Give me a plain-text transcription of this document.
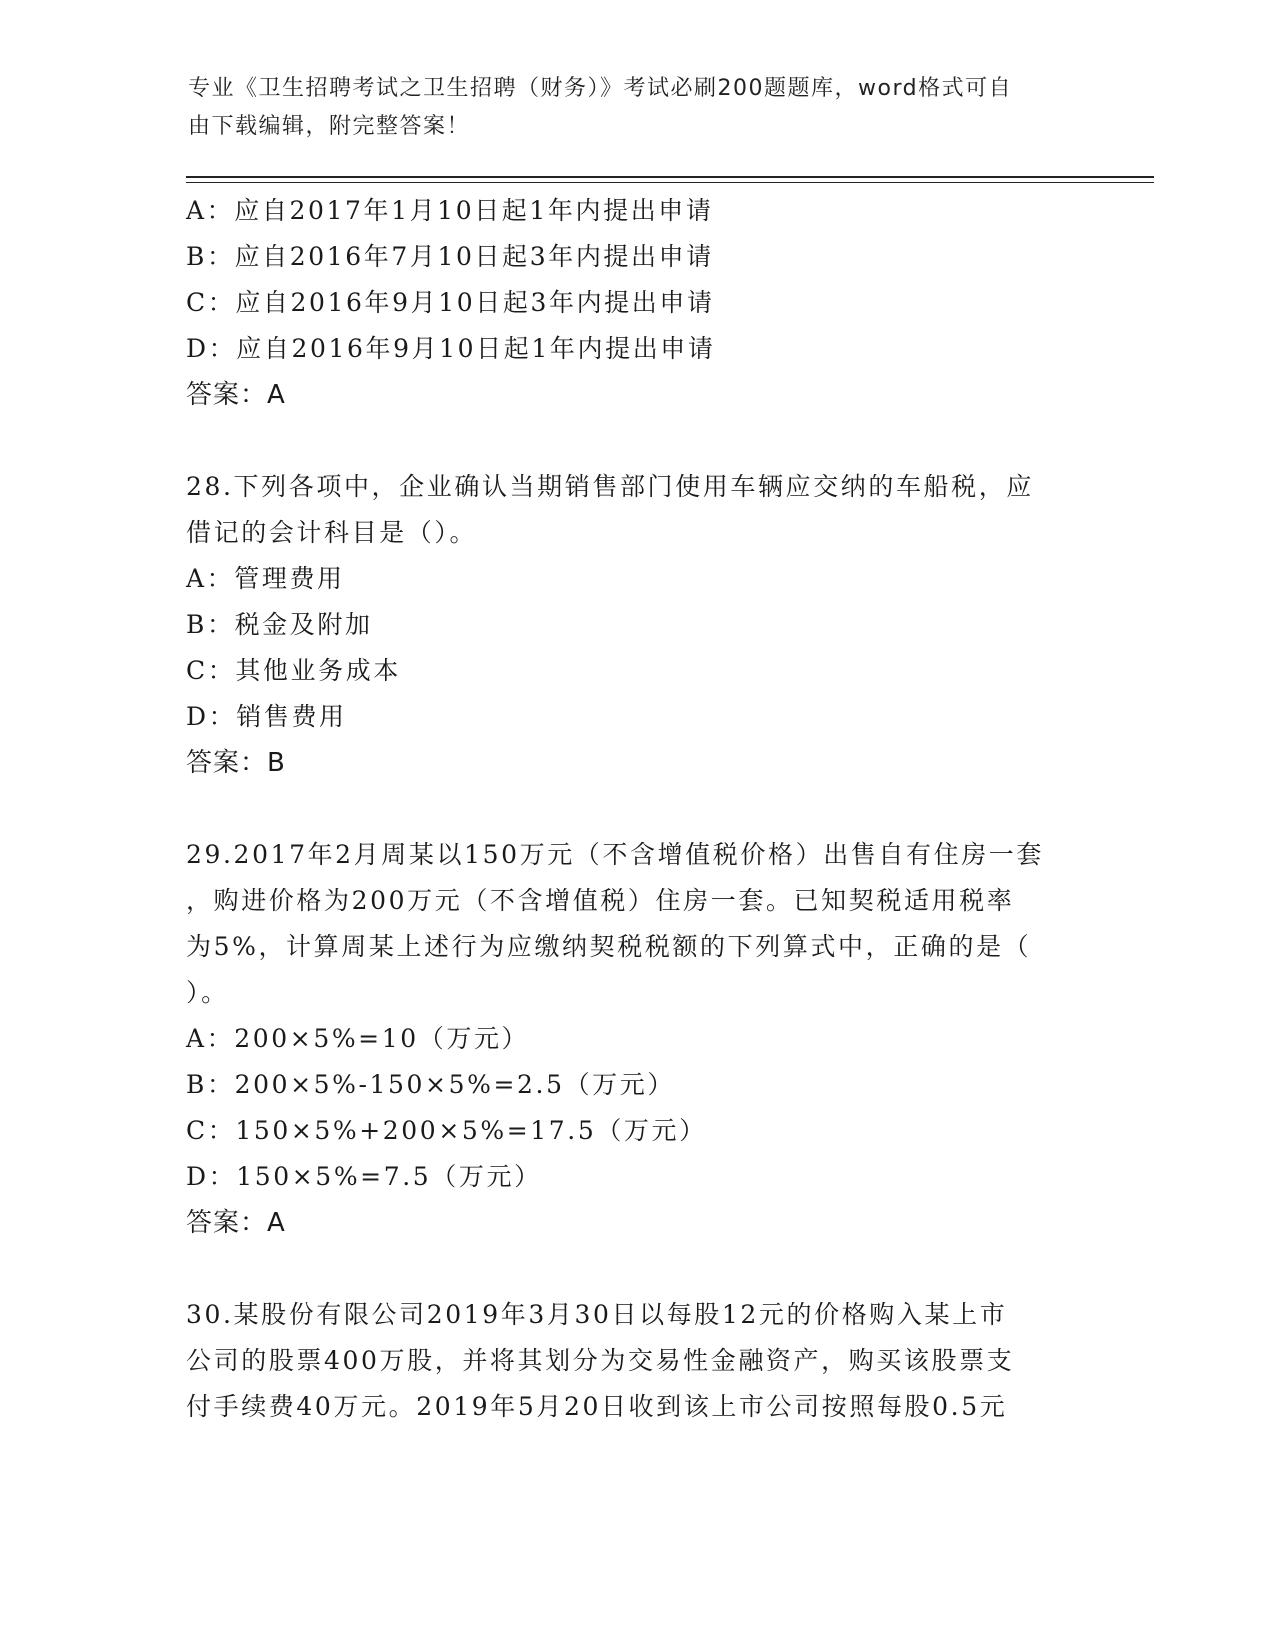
专业《卫生招聘考试之卫生招聘（财务）》考试必刷200题题库，word格式可自
由下载编辑，附完整答案！
A：应自2017年1月10日起1年内提出申请
B：应自2016年7月10日起3年内提出申请
C：应自2016年9月10日起3年内提出申请
D：应自2016年9月10日起1年内提出申请
答案：A
28.下列各项中，企业确认当期销售部门使用车辆应交纳的车船税，应
借记的会计科目是（）。
A：管理费用
B：税金及附加
C：其他业务成本
D：销售费用
答案：B
29.2017年2月周某以150万元（不含增值税价格）出售自有住房一套
，购进价格为200万元（不含增值税）住房一套。已知契税适用税率
为5%，计算周某上述行为应缴纳契税税额的下列算式中，正确的是（
）。
A：200×5%=10（万元）
B：200×5%-150×5%=2.5（万元）
C：150×5%+200×5%=17.5（万元）
D：150×5%=7.5（万元）
答案：A
30.某股份有限公司2019年3月30日以每股12元的价格购入某上市
公司的股票400万股，并将其划分为交易性金融资产，购买该股票支
付手续费40万元。2019年5月20日收到该上市公司按照每股0.5元
